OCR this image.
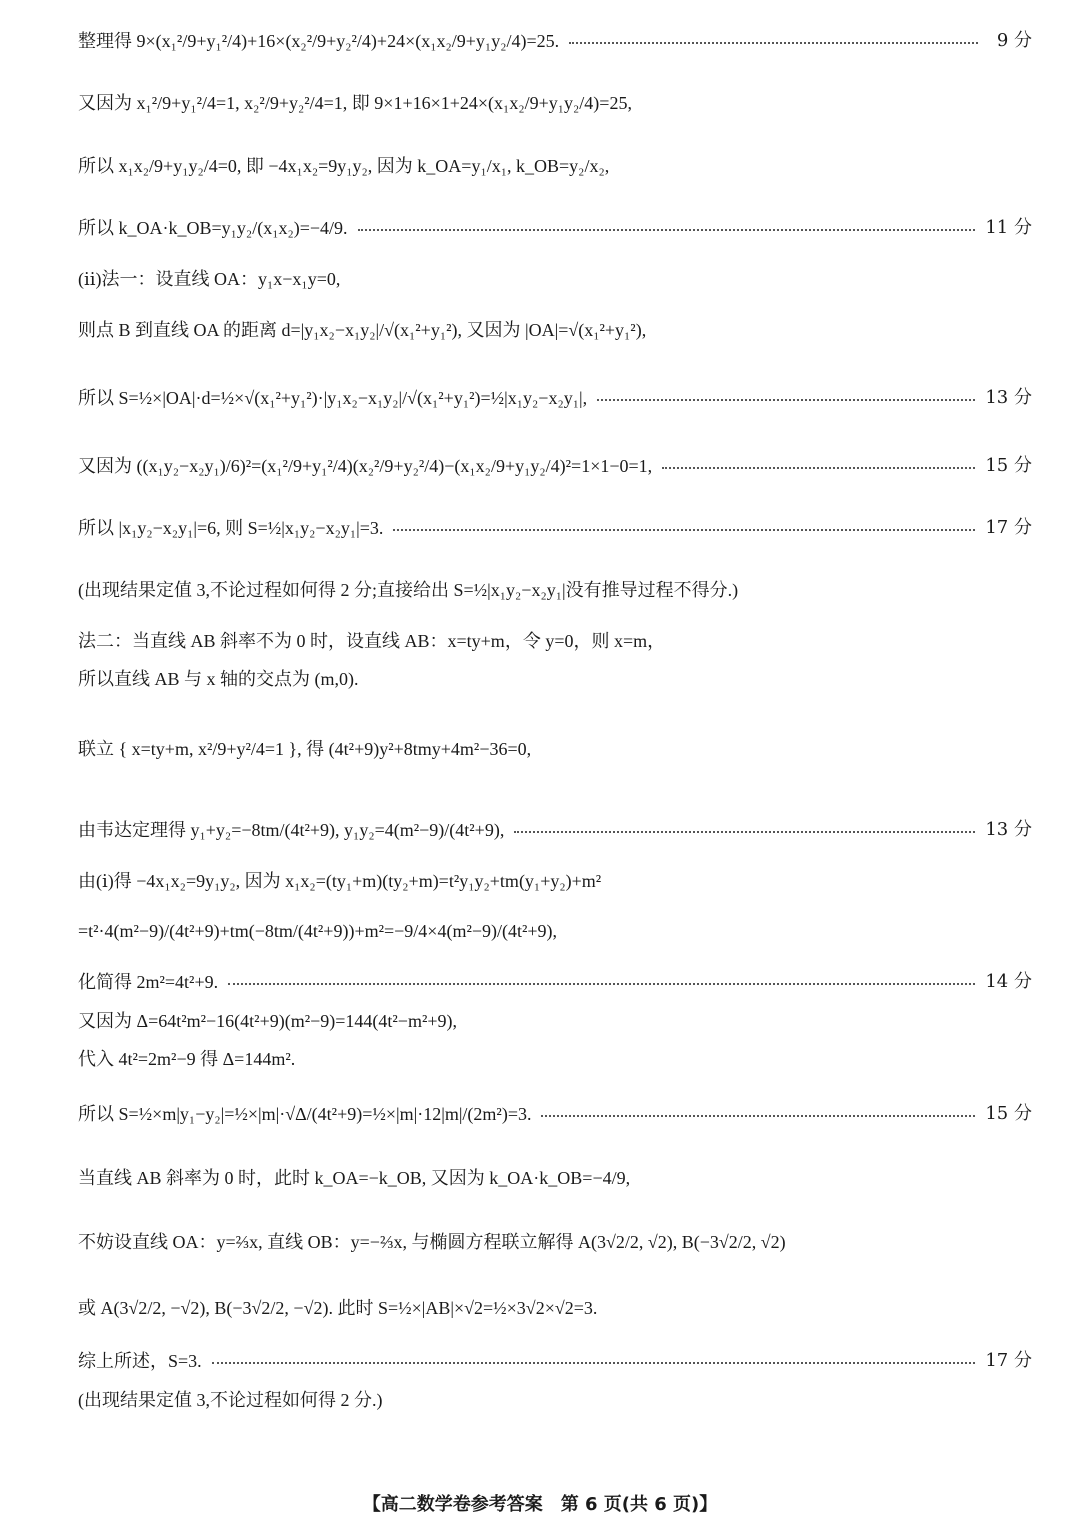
整理得 9×(x₁²/9+y₁²/4)+16×(x₂²/9+y₂²/4)+24×(x₁x₂/9+y₁y₂/4)=25.	9 分
又因为 x₁²/9+y₁²/4=1, x₂²/9+y₂²/4=1, 即 9×1+16×1+24×(x₁x₂/9+y₁y₂/4)=25,
所以 x₁x₂/9+y₁y₂/4=0, 即 −4x₁x₂=9y₁y₂, 因为 k_OA=y₁/x₁, k_OB=y₂/x₂,
所以 k_OA·k_OB=y₁y₂/(x₁x₂)=−4/9.	11 分
(ⅱ)法一：设直线 OA：y₁x−x₁y=0,
则点 B 到直线 OA 的距离 d=|y₁x₂−x₁y₂|/√(x₁²+y₁²), 又因为 |OA|=√(x₁²+y₁²),
所以 S=½×|OA|·d=½×√(x₁²+y₁²)·|y₁x₂−x₁y₂|/√(x₁²+y₁²)=½|x₁y₂−x₂y₁|,	13 分
又因为 ((x₁y₂−x₂y₁)/6)²=(x₁²/9+y₁²/4)(x₂²/9+y₂²/4)−(x₁x₂/9+y₁y₂/4)²=1×1−0=1,	15 分
所以 |x₁y₂−x₂y₁|=6, 则 S=½|x₁y₂−x₂y₁|=3.	17 分
(出现结果定值 3,不论过程如何得 2 分;直接给出 S=½|x₁y₂−x₂y₁|没有推导过程不得分.)
法二：当直线 AB 斜率不为 0 时，设直线 AB：x=ty+m，令 y=0，则 x=m，
所以直线 AB 与 x 轴的交点为 (m,0).
联立 { x=ty+m, x²/9+y²/4=1 }, 得 (4t²+9)y²+8tmy+4m²−36=0,
由韦达定理得 y₁+y₂=−8tm/(4t²+9), y₁y₂=4(m²−9)/(4t²+9),	13 分
由(ⅰ)得 −4x₁x₂=9y₁y₂, 因为 x₁x₂=(ty₁+m)(ty₂+m)=t²y₁y₂+tm(y₁+y₂)+m²
=t²·4(m²−9)/(4t²+9)+tm(−8tm/(4t²+9))+m²=−9/4×4(m²−9)/(4t²+9),
化简得 2m²=4t²+9.	14 分
又因为 Δ=64t²m²−16(4t²+9)(m²−9)=144(4t²−m²+9),
代入 4t²=2m²−9 得 Δ=144m².
所以 S=½×m|y₁−y₂|=½×|m|·√Δ/(4t²+9)=½×|m|·12|m|/(2m²)=3.	15 分
当直线 AB 斜率为 0 时，此时 k_OA=−k_OB, 又因为 k_OA·k_OB=−4/9,
不妨设直线 OA：y=⅔x, 直线 OB：y=−⅔x, 与椭圆方程联立解得 A(3√2/2, √2), B(−3√2/2, √2)
或 A(3√2/2, −√2), B(−3√2/2, −√2). 此时 S=½×|AB|×√2=½×3√2×√2=3.
综上所述，S=3.	17 分
(出现结果定值 3,不论过程如何得 2 分.)
【高二数学卷参考答案　第 6 页(共 6 页)】
